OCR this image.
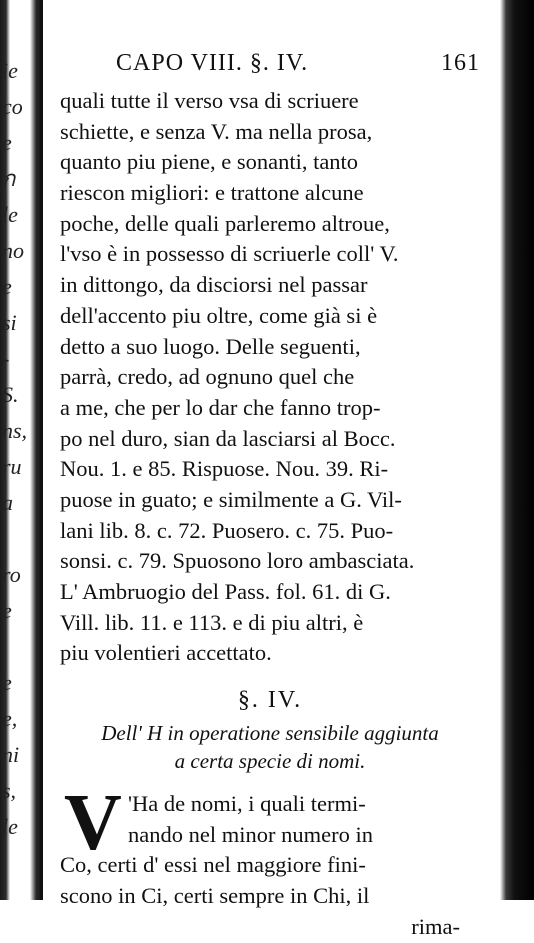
ie
co
e
ก
le
no
e
si
-
S.
ns,
ru
a
ro
e
e
e,
ni
s,
le
CAPO VIII. §. IV.	161
quali tutte il verso vsa di scriuere
schiette, e senza V. ma nella prosa,
quanto piu piene, e sonanti, tanto
riescon migliori: e trattone alcune
poche, delle quali parleremo altroue,
l'vso è in possesso di scriuerle coll' V.
in dittongo, da disciorsi nel passar
dell'accento piu oltre, come già si è
detto a suo luogo. Delle seguenti,
parrà, credo, ad ognuno quel che
a me, che per lo dar che fanno trop-
po nel duro, sian da lasciarsi al Bocc.
Nou. 1. e 85. Rispuose. Nou. 39. Ri-
puose in guato; e similmente a G. Vil-
lani lib. 8. c. 72. Puosero. c. 75. Puo-
sonsi. c. 79. Spuosono loro ambasciata.
L' Ambruogio del Pass. fol. 61. di G.
Vill. lib. 11. e 113. e di piu altri, è
piu volentieri accettato.
§. IV.
Dell' H in operatione sensibile aggiunta
a certa specie di nomi.
V 'Ha de nomi, i quali termi-
nando nel minor numero in
Co, certi d' essi nel maggiore fini-
scono in Ci, certi sempre in Chi, il
rima-
